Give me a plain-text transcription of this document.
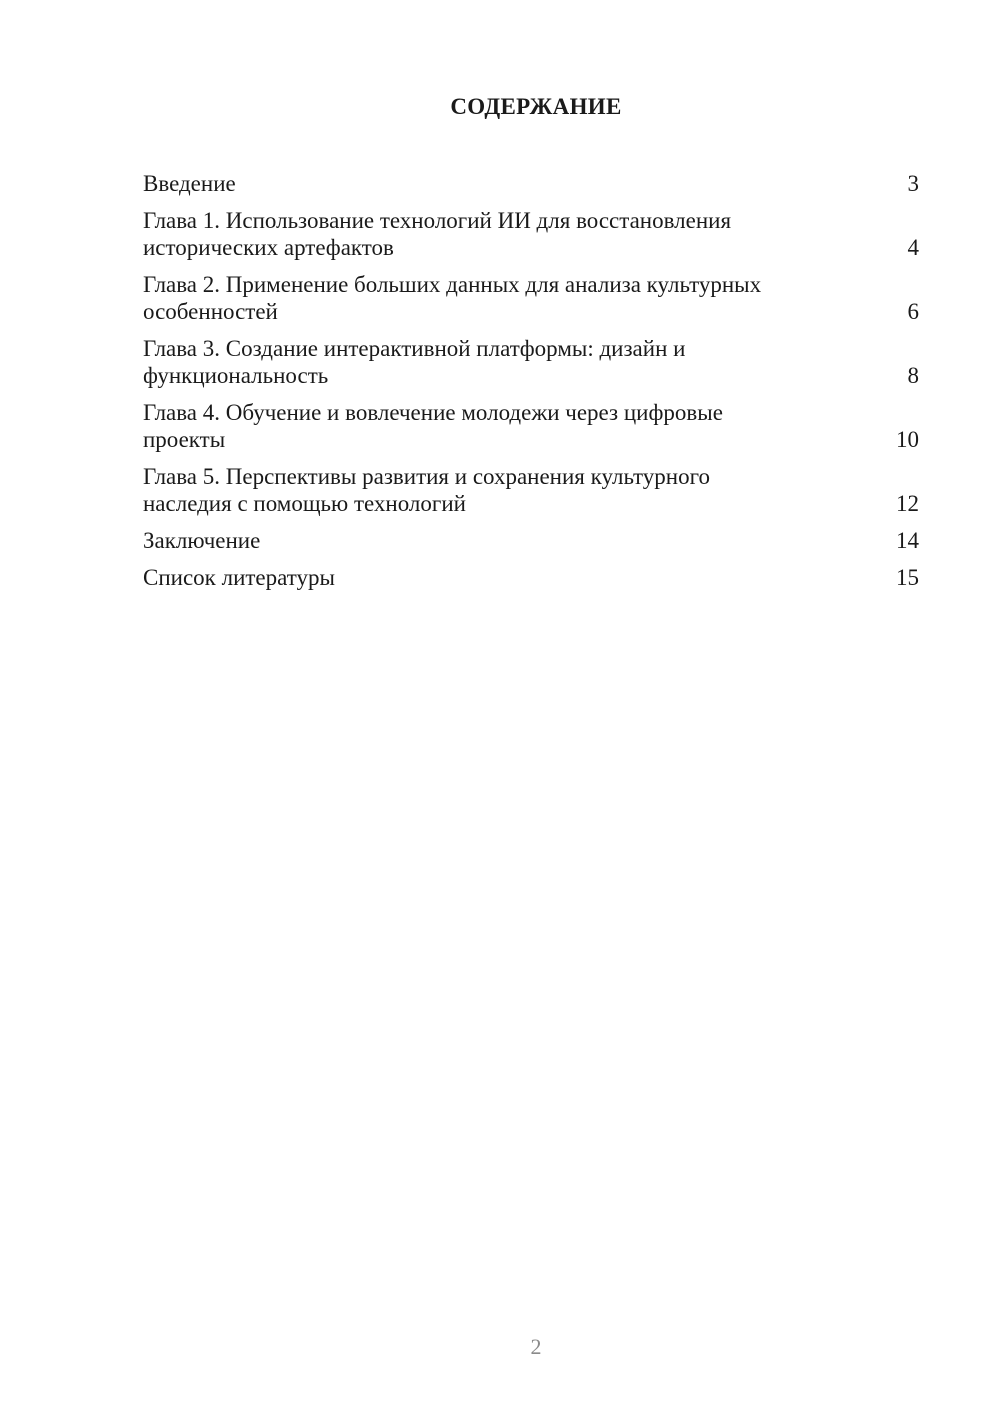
СОДЕРЖАНИЕ
Введение	3
Глава 1. Использование технологий ИИ для восстановления
исторических артефактов	4
Глава 2. Применение больших данных для анализа культурных
особенностей	6
Глава 3. Создание интерактивной платформы: дизайн и
функциональность	8
Глава 4. Обучение и вовлечение молодежи через цифровые
проекты	10
Глава 5. Перспективы развития и сохранения культурного
наследия с помощью технологий	12
Заключение	14
Список литературы	15
2
